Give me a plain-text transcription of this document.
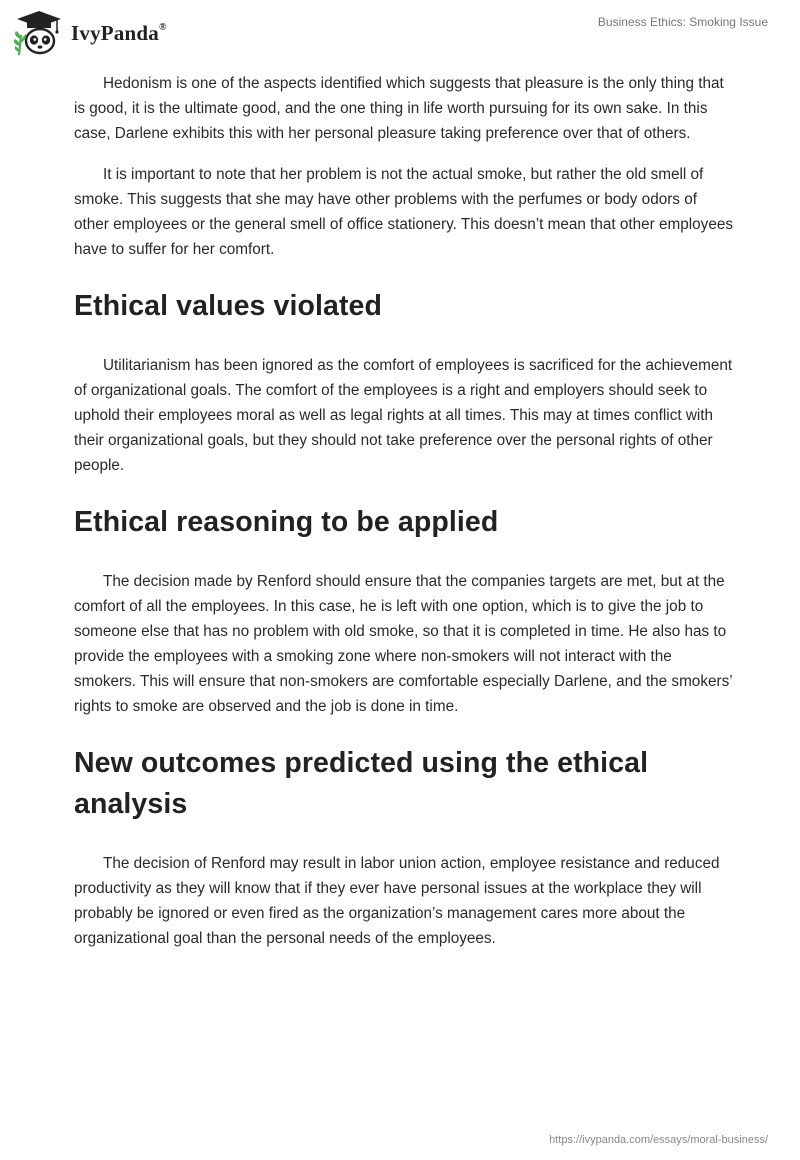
IvyPanda®	Business Ethics: Smoking Issue

Hedonism is one of the aspects identified which suggests that pleasure is the only thing that is good, it is the ultimate good, and the one thing in life worth pursuing for its own sake. In this case, Darlene exhibits this with her personal pleasure taking preference over that of others.

It is important to note that her problem is not the actual smoke, but rather the old smell of smoke. This suggests that she may have other problems with the perfumes or body odors of other employees or the general smell of office stationery. This doesn’t mean that other employees have to suffer for her comfort.

Ethical values violated

Utilitarianism has been ignored as the comfort of employees is sacrificed for the achievement of organizational goals. The comfort of the employees is a right and employers should seek to uphold their employees moral as well as legal rights at all times. This may at times conflict with their organizational goals, but they should not take preference over the personal rights of other people.

Ethical reasoning to be applied

The decision made by Renford should ensure that the companies targets are met, but at the comfort of all the employees. In this case, he is left with one option, which is to give the job to someone else that has no problem with old smoke, so that it is completed in time. He also has to provide the employees with a smoking zone where non-smokers will not interact with the smokers. This will ensure that non-smokers are comfortable especially Darlene, and the smokers’ rights to smoke are observed and the job is done in time.

New outcomes predicted using the ethical analysis

The decision of Renford may result in labor union action, employee resistance and reduced productivity as they will know that if they ever have personal issues at the workplace they will probably be ignored or even fired as the organization’s management cares more about the organizational goal than the personal needs of the employees.

https://ivypanda.com/essays/moral-business/
